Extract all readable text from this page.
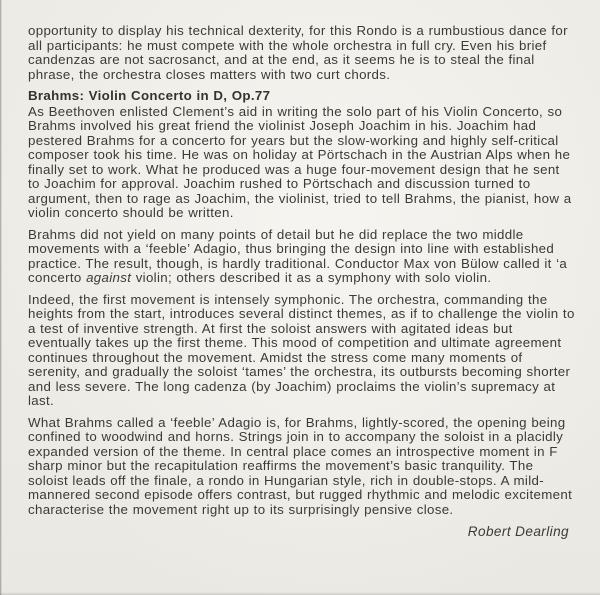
opportunity to display his technical dexterity, for this Rondo is a rumbustious dance for all participants: he must compete with the whole orchestra in full cry. Even his brief candenzas are not sacrosanct, and at the end, as it seems he is to steal the final phrase, the orchestra closes matters with two curt chords.

Brahms: Violin Concerto in D, Op.77

As Beethoven enlisted Clement’s aid in writing the solo part of his Violin Concerto, so Brahms involved his great friend the violinist Joseph Joachim in his. Joachim had pestered Brahms for a concerto for years but the slow-working and highly self-critical composer took his time. He was on holiday at Pörtschach in the Austrian Alps when he finally set to work. What he produced was a huge four-movement design that he sent to Joachim for approval. Joachim rushed to Pörtschach and discussion turned to argument, then to rage as Joachim, the violinist, tried to tell Brahms, the pianist, how a violin concerto should be written.

Brahms did not yield on many points of detail but he did replace the two middle movements with a ‘feeble’ Adagio, thus bringing the design into line with established practice. The result, though, is hardly traditional. Conductor Max von Bülow called it ‘a concerto against violin; others described it as a symphony with solo violin.

Indeed, the first movement is intensely symphonic. The orchestra, commanding the heights from the start, introduces several distinct themes, as if to challenge the violin to a test of inventive strength. At first the soloist answers with agitated ideas but eventually takes up the first theme. This mood of competition and ultimate agreement continues throughout the movement. Amidst the stress come many moments of serenity, and gradually the soloist ‘tames’ the orchestra, its outbursts becoming shorter and less severe. The long cadenza (by Joachim) proclaims the violin’s supremacy at last.

What Brahms called a ‘feeble’ Adagio is, for Brahms, lightly-scored, the opening being confined to woodwind and horns. Strings join in to accompany the soloist in a placidly expanded version of the theme. In central place comes an introspective moment in F sharp minor but the recapitulation reaffirms the movement’s basic tranquility. The soloist leads off the finale, a rondo in Hungarian style, rich in double-stops. A mild-mannered second episode offers contrast, but rugged rhythmic and melodic excitement characterise the movement right up to its surprisingly pensive close.

Robert Dearling
